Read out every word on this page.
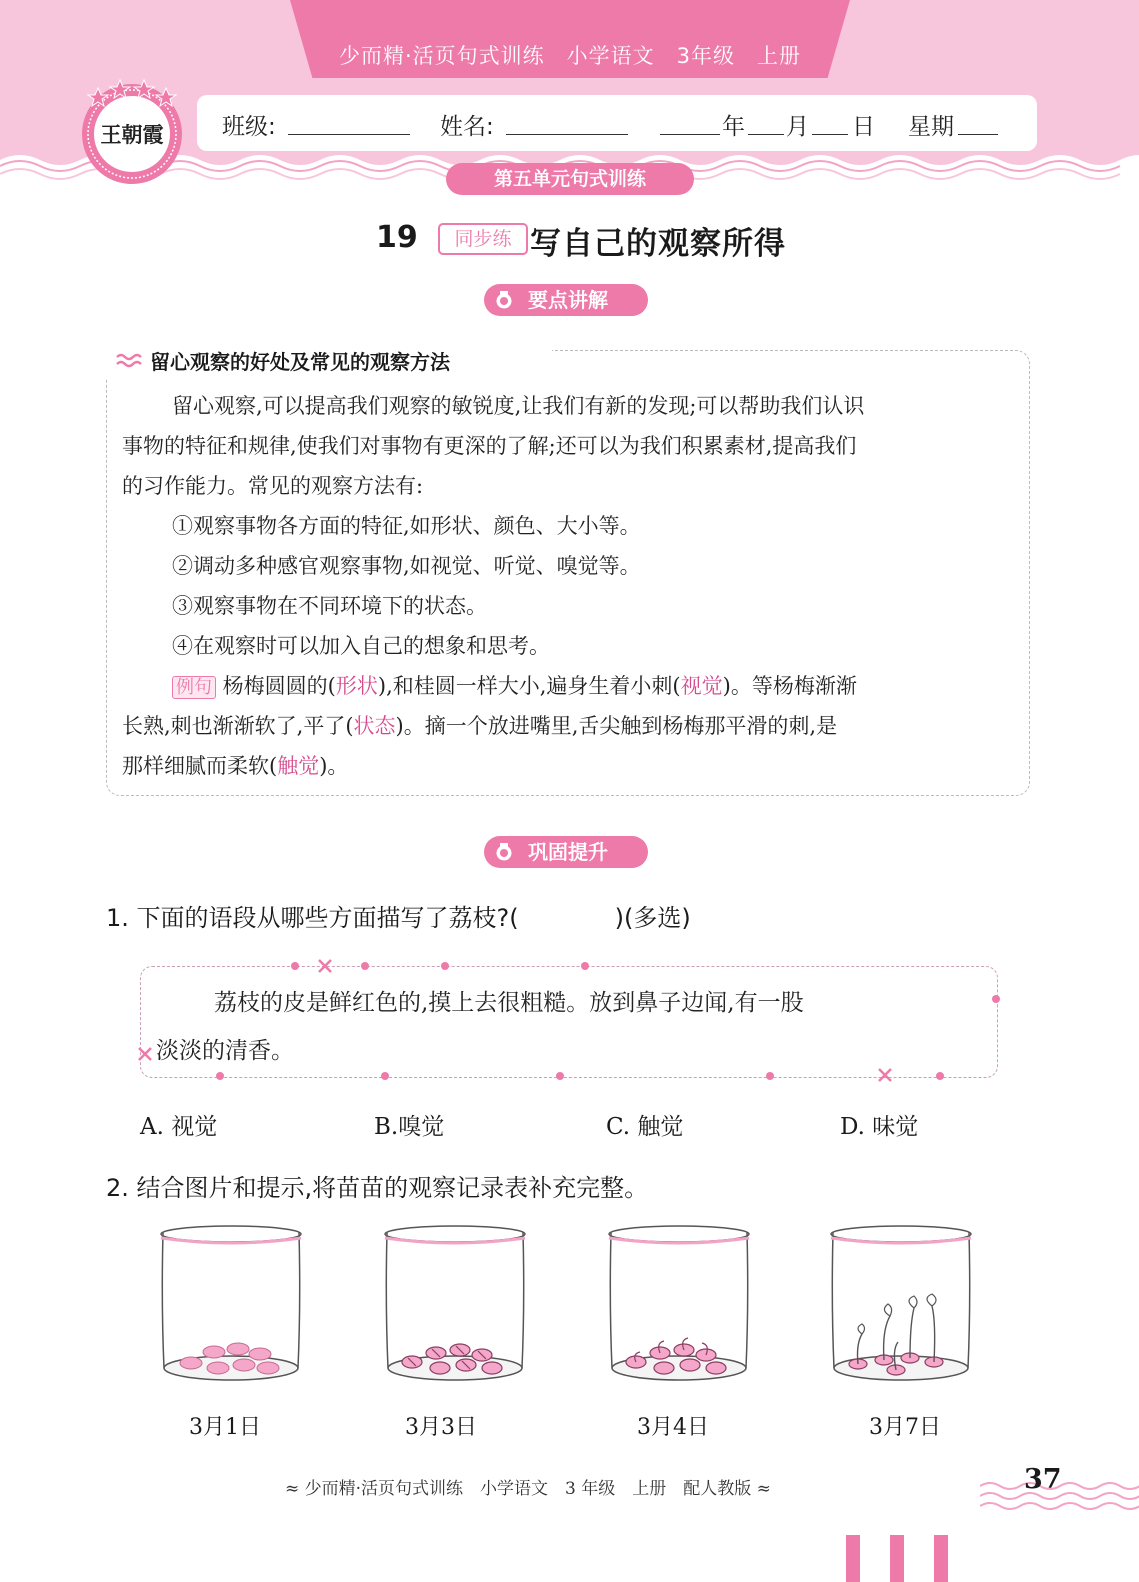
少而精·活页句式训练　小学语文　3年级　上册
班级:	姓名:	年 月 日 星期
第五单元句式训练
王朝霞
19	同步练 写自己的观察所得
要点讲解
留心观察的好处及常见的观察方法
留心观察,可以提高我们观察的敏锐度,让我们有新的发现;可以帮助我们认识
事物的特征和规律,使我们对事物有更深的了解;还可以为我们积累素材,提高我们
的习作能力。常见的观察方法有:
①观察事物各方面的特征,如形状、颜色、大小等。
②调动多种感官观察事物,如视觉、听觉、嗅觉等。
③观察事物在不同环境下的状态。
④在观察时可以加入自己的想象和思考。
例句 杨梅圆圆的(形状),和桂圆一样大小,遍身生着小刺(视觉)。等杨梅渐渐
长熟,刺也渐渐软了,平了(状态)。摘一个放进嘴里,舌尖触到杨梅那平滑的刺,是
那样细腻而柔软(触觉)。
巩固提升
1. 下面的语段从哪些方面描写了荔枝?(　　　　)(多选)
荔枝的皮是鲜红色的,摸上去很粗糙。放到鼻子边闻,有一股
淡淡的清香。
A. 视觉	B.嗅觉	C. 触觉	D. 味觉
2. 结合图片和提示,将苗苗的观察记录表补充完整。
3月1日	3月3日	3月4日	3月7日
≈ 少而精·活页句式训练　小学语文　3 年级　上册　配人教版 ≈	37
